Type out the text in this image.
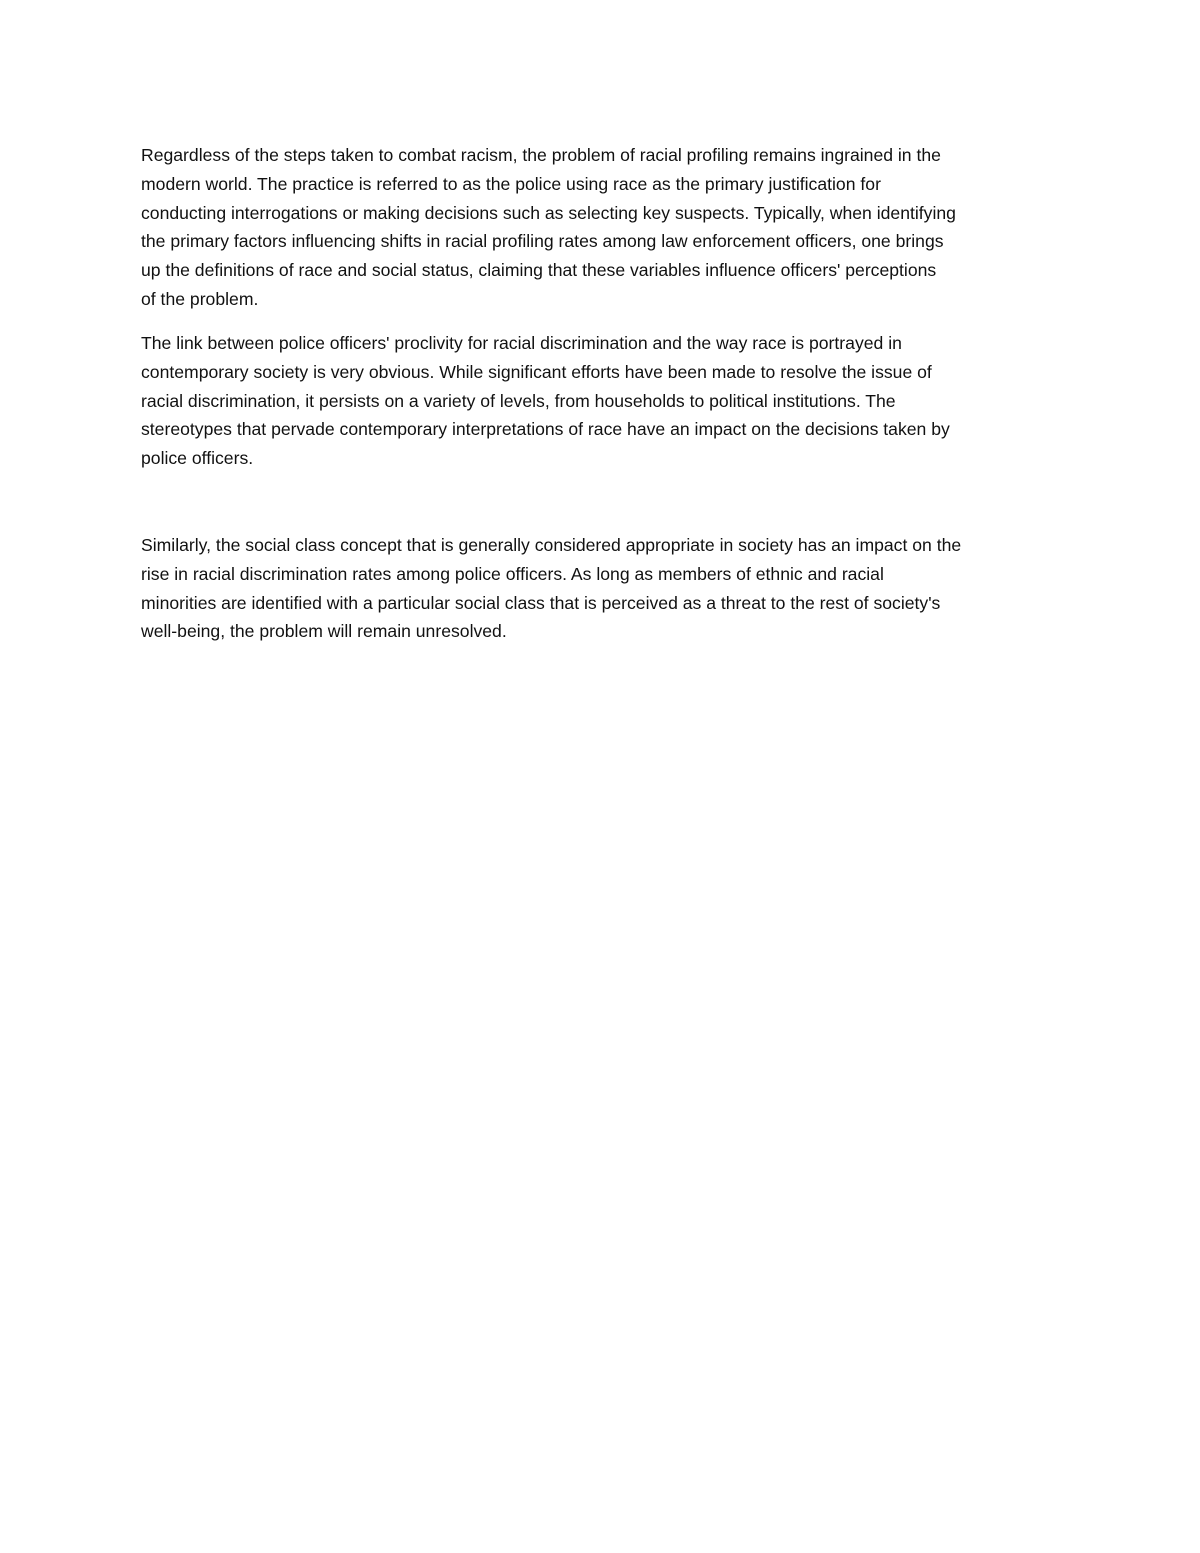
Regardless of the steps taken to combat racism, the problem of racial profiling remains ingrained in the
modern world. The practice is referred to as the police using race as the primary justification for
conducting interrogations or making decisions such as selecting key suspects. Typically, when identifying
the primary factors influencing shifts in racial profiling rates among law enforcement officers, one brings
up the definitions of race and social status, claiming that these variables influence officers' perceptions
of the problem.
The link between police officers' proclivity for racial discrimination and the way race is portrayed in
contemporary society is very obvious. While significant efforts have been made to resolve the issue of
racial discrimination, it persists on a variety of levels, from households to political institutions. The
stereotypes that pervade contemporary interpretations of race have an impact on the decisions taken by
police officers.
Similarly, the social class concept that is generally considered appropriate in society has an impact on the
rise in racial discrimination rates among police officers. As long as members of ethnic and racial
minorities are identified with a particular social class that is perceived as a threat to the rest of society's
well-being, the problem will remain unresolved.
